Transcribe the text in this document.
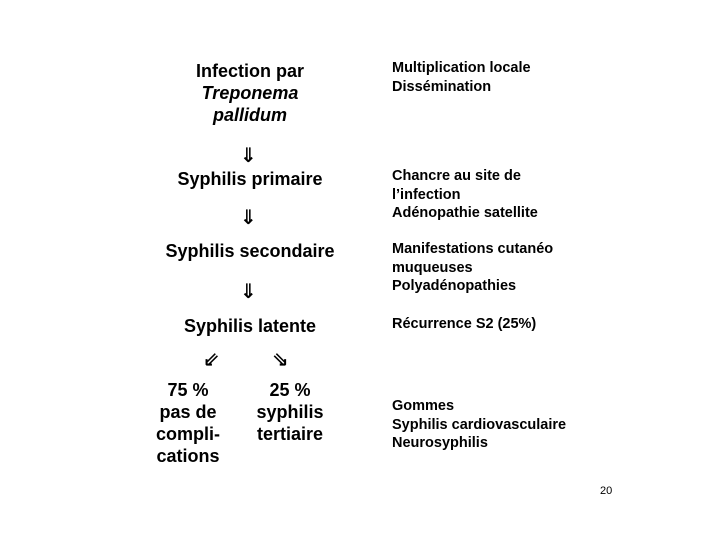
Infection par
Treponema
pallidum
⇓
Syphilis primaire
⇓
Syphilis secondaire
⇓
Syphilis latente
⇙	⇘
75 %
pas de
compli-
cations
25 %
syphilis
tertiaire
Multiplication locale
Dissémination
Chancre au site de
l’infection
Adénopathie satellite
Manifestations cutanéo
muqueuses
Polyadénopathies
Récurrence S2 (25%)
Gommes
Syphilis cardiovasculaire
Neurosyphilis
20
